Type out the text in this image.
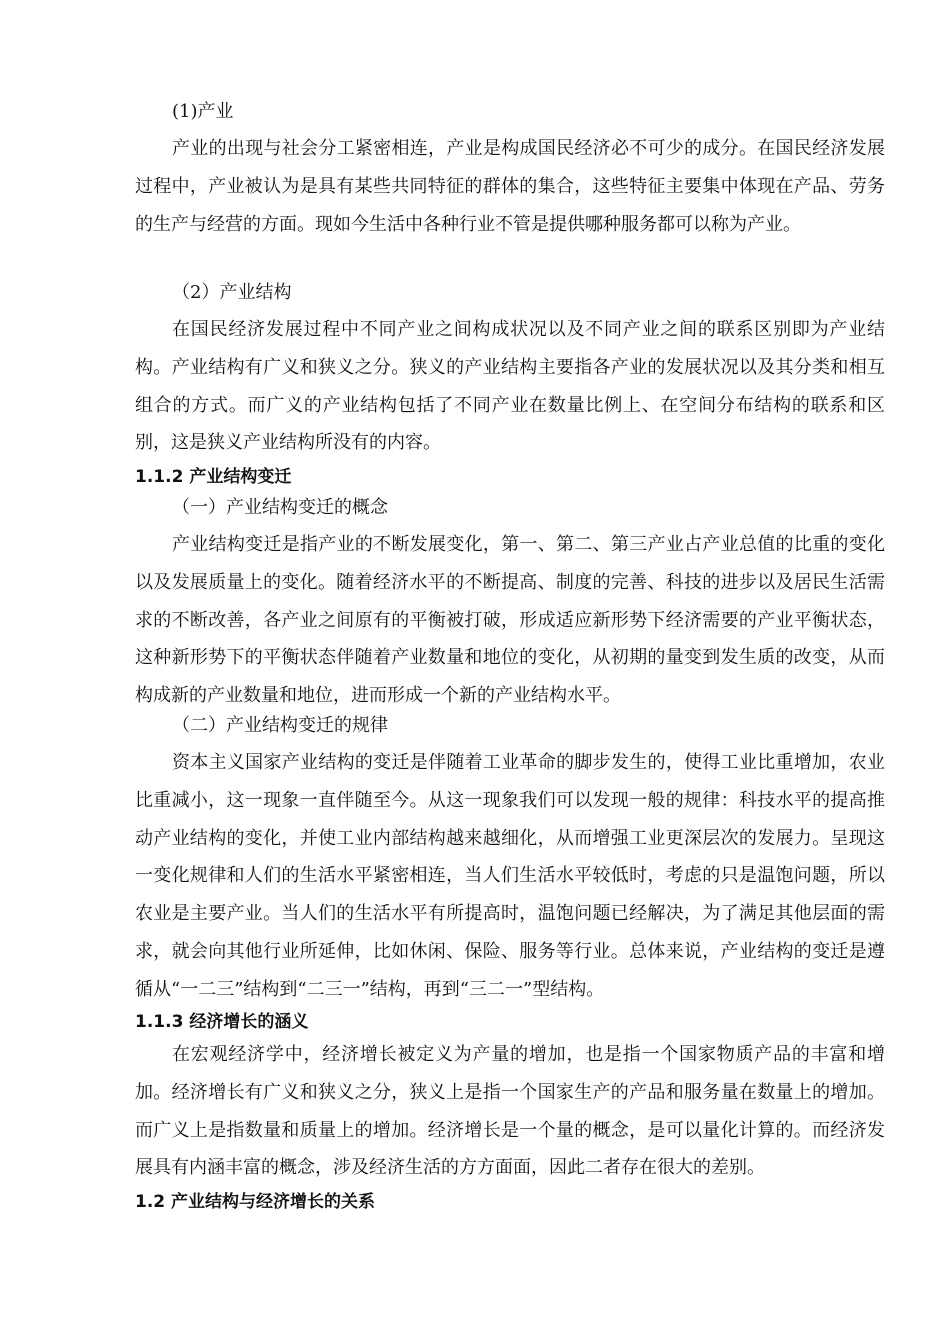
(1)产业

产业的出现与社会分工紧密相连，产业是构成国民经济必不可少的成分。在国民经济发展过程中，产业被认为是具有某些共同特征的群体的集合，这些特征主要集中体现在产品、劳务的生产与经营的方面。现如今生活中各种行业不管是提供哪种服务都可以称为产业。

（2）产业结构

在国民经济发展过程中不同产业之间构成状况以及不同产业之间的联系区别即为产业结构。产业结构有广义和狭义之分。狭义的产业结构主要指各产业的发展状况以及其分类和相互组合的方式。而广义的产业结构包括了不同产业在数量比例上、在空间分布结构的联系和区别，这是狭义产业结构所没有的内容。

1.1.2 产业结构变迁
（一）产业结构变迁的概念

产业结构变迁是指产业的不断发展变化，第一、第二、第三产业占产业总值的比重的变化以及发展质量上的变化。随着经济水平的不断提高、制度的完善、科技的进步以及居民生活需求的不断改善，各产业之间原有的平衡被打破，形成适应新形势下经济需要的产业平衡状态，这种新形势下的平衡状态伴随着产业数量和地位的变化，从初期的量变到发生质的改变，从而构成新的产业数量和地位，进而形成一个新的产业结构水平。

（二）产业结构变迁的规律

资本主义国家产业结构的变迁是伴随着工业革命的脚步发生的，使得工业比重增加，农业比重减小，这一现象一直伴随至今。从这一现象我们可以发现一般的规律：科技水平的提高推动产业结构的变化，并使工业内部结构越来越细化，从而增强工业更深层次的发展力。呈现这一变化规律和人们的生活水平紧密相连，当人们生活水平较低时，考虑的只是温饱问题，所以农业是主要产业。当人们的生活水平有所提高时，温饱问题已经解决，为了满足其他层面的需求，就会向其他行业所延伸，比如休闲、保险、服务等行业。总体来说，产业结构的变迁是遵循从“一二三”结构到“二三一”结构，再到“三二一”型结构。

1.1.3 经济增长的涵义

在宏观经济学中，经济增长被定义为产量的增加，也是指一个国家物质产品的丰富和增加。经济增长有广义和狭义之分，狭义上是指一个国家生产的产品和服务量在数量上的增加。而广义上是指数量和质量上的增加。经济增长是一个量的概念，是可以量化计算的。而经济发展具有内涵丰富的概念，涉及经济生活的方方面面，因此二者存在很大的差别。

1.2 产业结构与经济增长的关系
